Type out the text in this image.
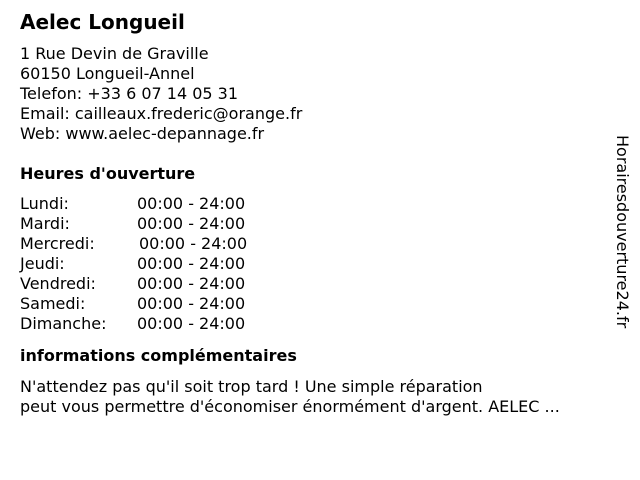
Aelec Longueil
1 Rue Devin de Graville
60150 Longueil-Annel
Telefon: +33 6 07 14 05 31
Email: cailleaux.frederic@orange.fr
Web: www.aelec-depannage.fr
Heures d'ouverture
Lundi:	00:00 - 24:00
Mardi:	00:00 - 24:00
Mercredi:	00:00 - 24:00
Jeudi:	00:00 - 24:00
Vendredi:	00:00 - 24:00
Samedi:	00:00 - 24:00
Dimanche:	00:00 - 24:00
informations complémentaires
N'attendez pas qu'il soit trop tard ! Une simple réparation
peut vous permettre d'économiser énormément d'argent. AELEC ...
Horairesdouverture24.fr
